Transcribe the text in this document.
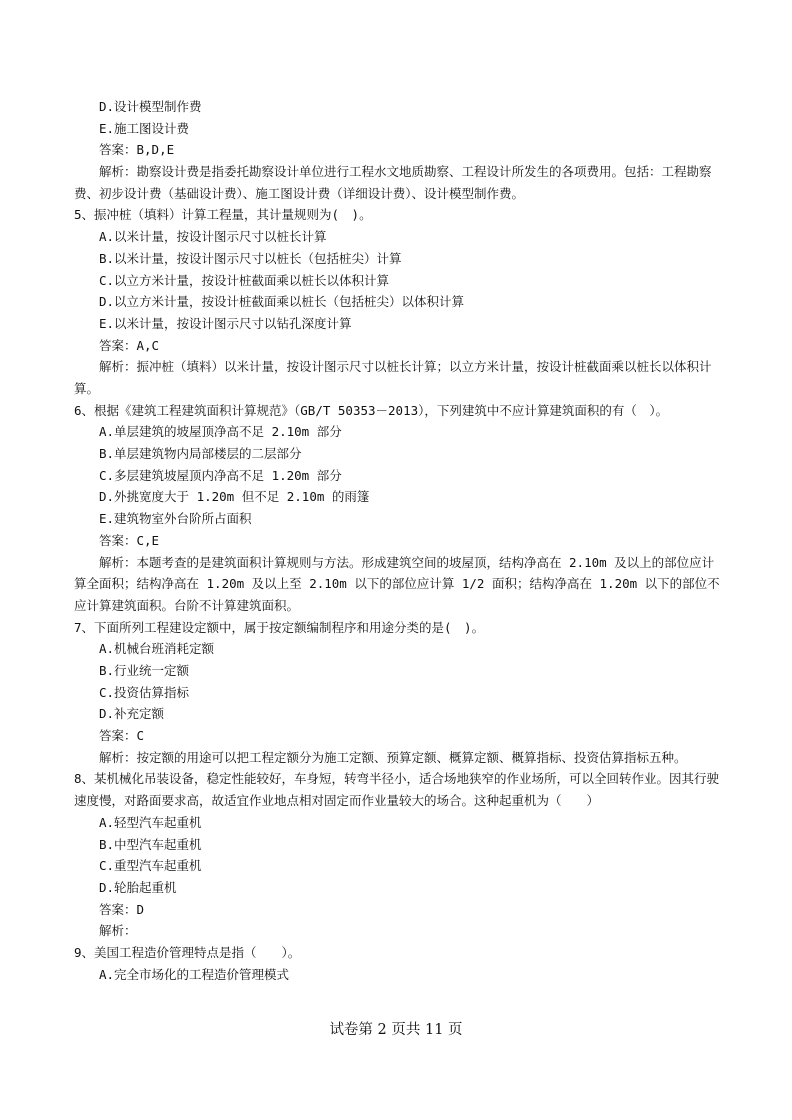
D.设计模型制作费
E.施工图设计费
答案：B,D,E
解析：勘察设计费是指委托勘察设计单位进行工程水文地质勘察、工程设计所发生的各项费用。包括：工程勘察费、初步设计费（基础设计费）、施工图设计费（详细设计费）、设计模型制作费。
5、振冲桩（填料）计算工程量，其计量规则为(　)。
A.以米计量，按设计图示尺寸以桩长计算
B.以米计量，按设计图示尺寸以桩长（包括桩尖）计算
C.以立方米计量，按设计桩截面乘以桩长以体积计算
D.以立方米计量，按设计桩截面乘以桩长（包括桩尖）以体积计算
E.以米计量，按设计图示尺寸以钻孔深度计算
答案：A,C
解析：振冲桩（填料）以米计量，按设计图示尺寸以桩长计算；以立方米计量，按设计桩截面乘以桩长以体积计算。
6、根据《建筑工程建筑面积计算规范》（GB/T 50353－2013），下列建筑中不应计算建筑面积的有（　）。
A.单层建筑的坡屋顶净高不足 2.10m 部分
B.单层建筑物内局部楼层的二层部分
C.多层建筑坡屋顶内净高不足 1.20m 部分
D.外挑宽度大于 1.20m 但不足 2.10m 的雨篷
E.建筑物室外台阶所占面积
答案：C,E
解析：本题考查的是建筑面积计算规则与方法。形成建筑空间的坡屋顶，结构净高在 2.10m 及以上的部位应计算全面积；结构净高在 1.20m 及以上至 2.10m 以下的部位应计算 1/2 面积；结构净高在 1.20m 以下的部位不应计算建筑面积。台阶不计算建筑面积。
7、下面所列工程建设定额中，属于按定额编制程序和用途分类的是(　)。
A.机械台班消耗定额
B.行业统一定额
C.投资估算指标
D.补充定额
答案：C
解析：按定额的用途可以把工程定额分为施工定额、预算定额、概算定额、概算指标、投资估算指标五种。
8、某机械化吊装设备，稳定性能较好，车身短，转弯半径小，适合场地狭窄的作业场所，可以全回转作业。因其行驶速度慢，对路面要求高，故适宜作业地点相对固定而作业量较大的场合。这种起重机为（　　）
A.轻型汽车起重机
B.中型汽车起重机
C.重型汽车起重机
D.轮胎起重机
答案：D
解析：
9、美国工程造价管理特点是指（　　）。
A.完全市场化的工程造价管理模式
试卷第 2 页共 11 页
